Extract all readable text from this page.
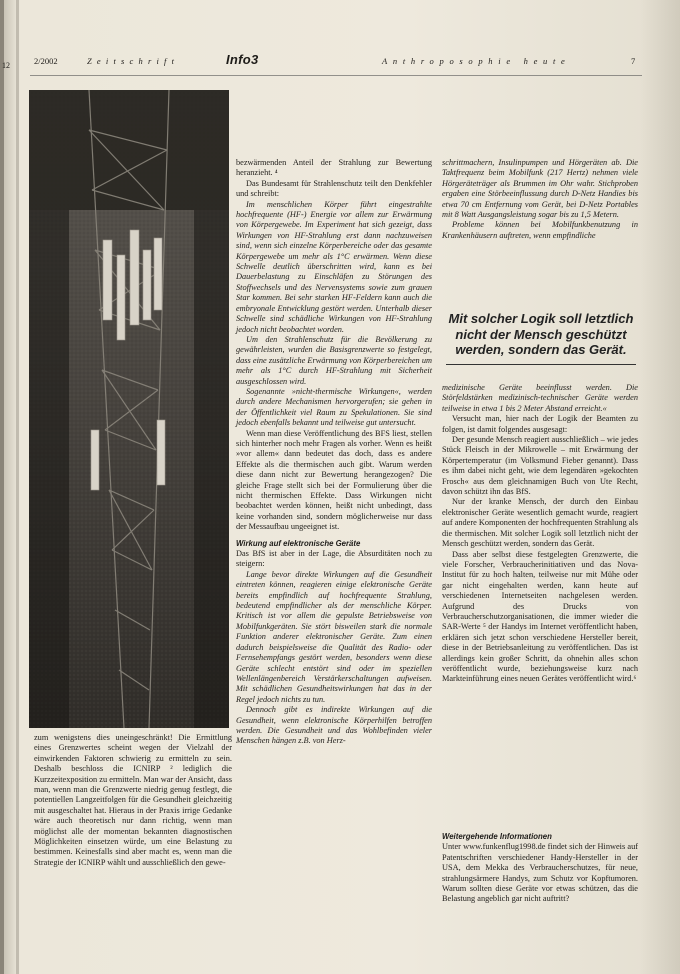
12	2/2002	Zeitschrift	Info3	Anthroposophie heute	7

zum wenigstens dies uneingeschränkt! Die Ermittlung eines Grenzwertes scheint wegen der Vielzahl der einwirkenden Faktoren schwierig zu ermitteln zu sein. Deshalb beschloss die ICNIRP ² lediglich die Kurzzeitexposition zu ermitteln. Man war der Ansicht, dass man, wenn man die Grenzwerte niedrig genug festlegt, die potentiellen Langzeitfolgen für die Gesundheit gleichzeitig mit ausgeschaltet hat. Hieraus in der Praxis irrige Gedanke wäre auch theoretisch nur dann richtig, wenn man möglichst alle der momentan bekannten diagnostischen Möglichkeiten einsetzen würde, um eine Belastung zu bestimmen. Keinesfalls sind aber macht es, wenn man die Strategie der ICNIRP wählt und ausschließlich den gewe-

bezwärmenden Anteil der Strahlung zur Bewertung heranzieht. ⁴

Das Bundesamt für Strahlenschutz teilt den Denkfehler und schreibt:

Im menschlichen Körper führt eingestrahlte hochfrequente (HF-) Energie vor allem zur Erwärmung von Körpergewebe. Im Experiment hat sich gezeigt, dass Wirkungen von HF-Strahlung erst dann nachzuweisen sind, wenn sich einzelne Körperbereiche oder das gesamte Körpergewebe um mehr als 1°C erwärmen. Wenn diese Schwelle deutlich überschritten wird, kann es bei Dauerbelastung zu Einschläfen zu Störungen des Stoffwechsels und des Nervensystems sowie zum grauen Star kommen. Bei sehr starken HF-Feldern kann auch die embryonale Entwicklung gestört werden. Unterhalb dieser Schwelle sind schädliche Wirkungen von HF-Strahlung jedoch nicht beobachtet worden.

Um den Strahlenschutz für die Bevölkerung zu gewährleisten, wurden die Basisgrenzwerte so festgelegt, dass eine zusätzliche Erwärmung von Körperbereichen um mehr als 1°C durch HF-Strahlung mit Sicherheit ausgeschlossen wird.

Sogenannte »nicht-thermische Wirkungen«, werden durch andere Mechanismen hervorgerufen; sie gehen in der Öffentlichkeit viel Raum zu Spekulationen. Sie sind jedoch ebenfalls bekannt und teilweise gut untersucht.

Wenn man diese Veröffentlichung des BFS liest, stellen sich hinterher noch mehr Fragen als vorher. Wenn es heißt »vor allem« dann bedeutet das doch, dass es andere Effekte als die thermischen auch gibt. Warum werden diese dann nicht zur Bewertung herangezogen? Die gleiche Frage stellt sich bei der Formulierung über die nicht thermischen Effekte. Dass Wirkungen nicht beobachtet werden können, heißt nicht unbedingt, dass keine vorhanden sind, sondern möglicherweise nur dass der Messaufbau ungeeignet ist.

Wirkung auf elektronische Geräte

Das BfS ist aber in der Lage, die Absurditäten noch zu steigern:

Lange bevor direkte Wirkungen auf die Gesundheit eintreten können, reagieren einige elektronische Geräte bereits empfindlich auf hochfrequente Strahlung, bedeutend empfindlicher als der menschliche Körper. Kritisch ist vor allem die gepulste Betriebsweise von Mobilfunkgeräten. Sie stört bisweilen stark die normale Funktion anderer elektronischer Geräte. Zum einen dadurch beispielsweise die Qualität des Radio- oder Fernsehempfangs gestört werden, besonders wenn diese Geräte schlecht entstört sind oder im speziellen Wellenlängenbereich Verstärkerschaltungen aufweisen. Mit schädlichen Gesundheitswirkungen hat das in der Regel jedoch nichts zu tun.

Dennoch gibt es indirekte Wirkungen auf die Gesundheit, wenn elektronische Körperhilfen betroffen werden. Die Gesundheit und das Wohlbefinden vieler Menschen hängen z.B. von Herz-

schrittmachern, Insulinpumpen und Hörgeräten ab. Die Taktfrequenz beim Mobilfunk (217 Hertz) nehmen viele Hörgeräteträger als Brummen im Ohr wahr. Stichproben ergaben eine Störbeeinflussung durch D-Netz Handies bis etwa 70 cm Entfernung vom Gerät, bei D-Netz Portables mit 8 Watt Ausgangsleistung sogar bis zu 1,5 Metern.

Probleme können bei Mobilfunkbenutzung in Krankenhäusern auftreten, wenn empfindliche

Mit solcher Logik soll letztlich nicht der Mensch geschützt werden, sondern das Gerät.

medizinische Geräte beeinflusst werden. Die Störfeldstärken medizinisch-technischer Geräte werden teilweise in etwa 1 bis 2 Meter Abstand erreicht.«

Versucht man, hier nach der Logik der Beamten zu folgen, ist damit folgendes ausgesagt:

Der gesunde Mensch reagiert ausschließlich – wie jedes Stück Fleisch in der Mikrowelle – mit Erwärmung der Körpertemperatur (im Volksmund Fieber genannt). Dass es ihm dabei nicht geht, wie dem legendären »gekochten Frosch« aus dem gleichnamigen Buch von Ute Recht, davon schützt ihn das BfS.

Nur der kranke Mensch, der durch den Einbau elektronischer Geräte wesentlich gemacht wurde, reagiert auf andere Komponenten der hochfrequenten Strahlung als die thermischen. Mit solcher Logik soll letztlich nicht der Mensch geschützt werden, sondern das Gerät.

Dass aber selbst diese festgelegten Grenzwerte, die viele Forscher, Verbraucherinitiativen und das Nova-Institut für zu hoch halten, teilweise nur mit Mühe oder gar nicht eingehalten werden, kann heute auf verschiedenen Internetseiten nachgelesen werden. Aufgrund des Drucks von Verbraucherschutzorganisationen, die immer wieder die SAR-Werte ⁵ der Handys im Internet veröffentlicht haben, erklären sich jetzt schon verschiedene Hersteller bereit, diese in der Betriebsanleitung zu veröffentlichen. Das ist allerdings kein großer Schritt, da ohnehin alles schon veröffentlicht wurde, beziehungsweise kurz nach Markteinführung eines neuen Gerätes veröffentlicht wird.⁶

Weitergehende Informationen

Unter www.funkenflug1998.de findet sich der Hinweis auf Patentschriften verschiedener Handy-Hersteller in der USA, dem Mekka des Verbraucherschutzes, für neue, strahlungsärmere Handys, zum Schutz vor Kopftumoren. Warum sollten diese Geräte vor etwas schützen, das die Belastung angeblich gar nicht auftritt?
